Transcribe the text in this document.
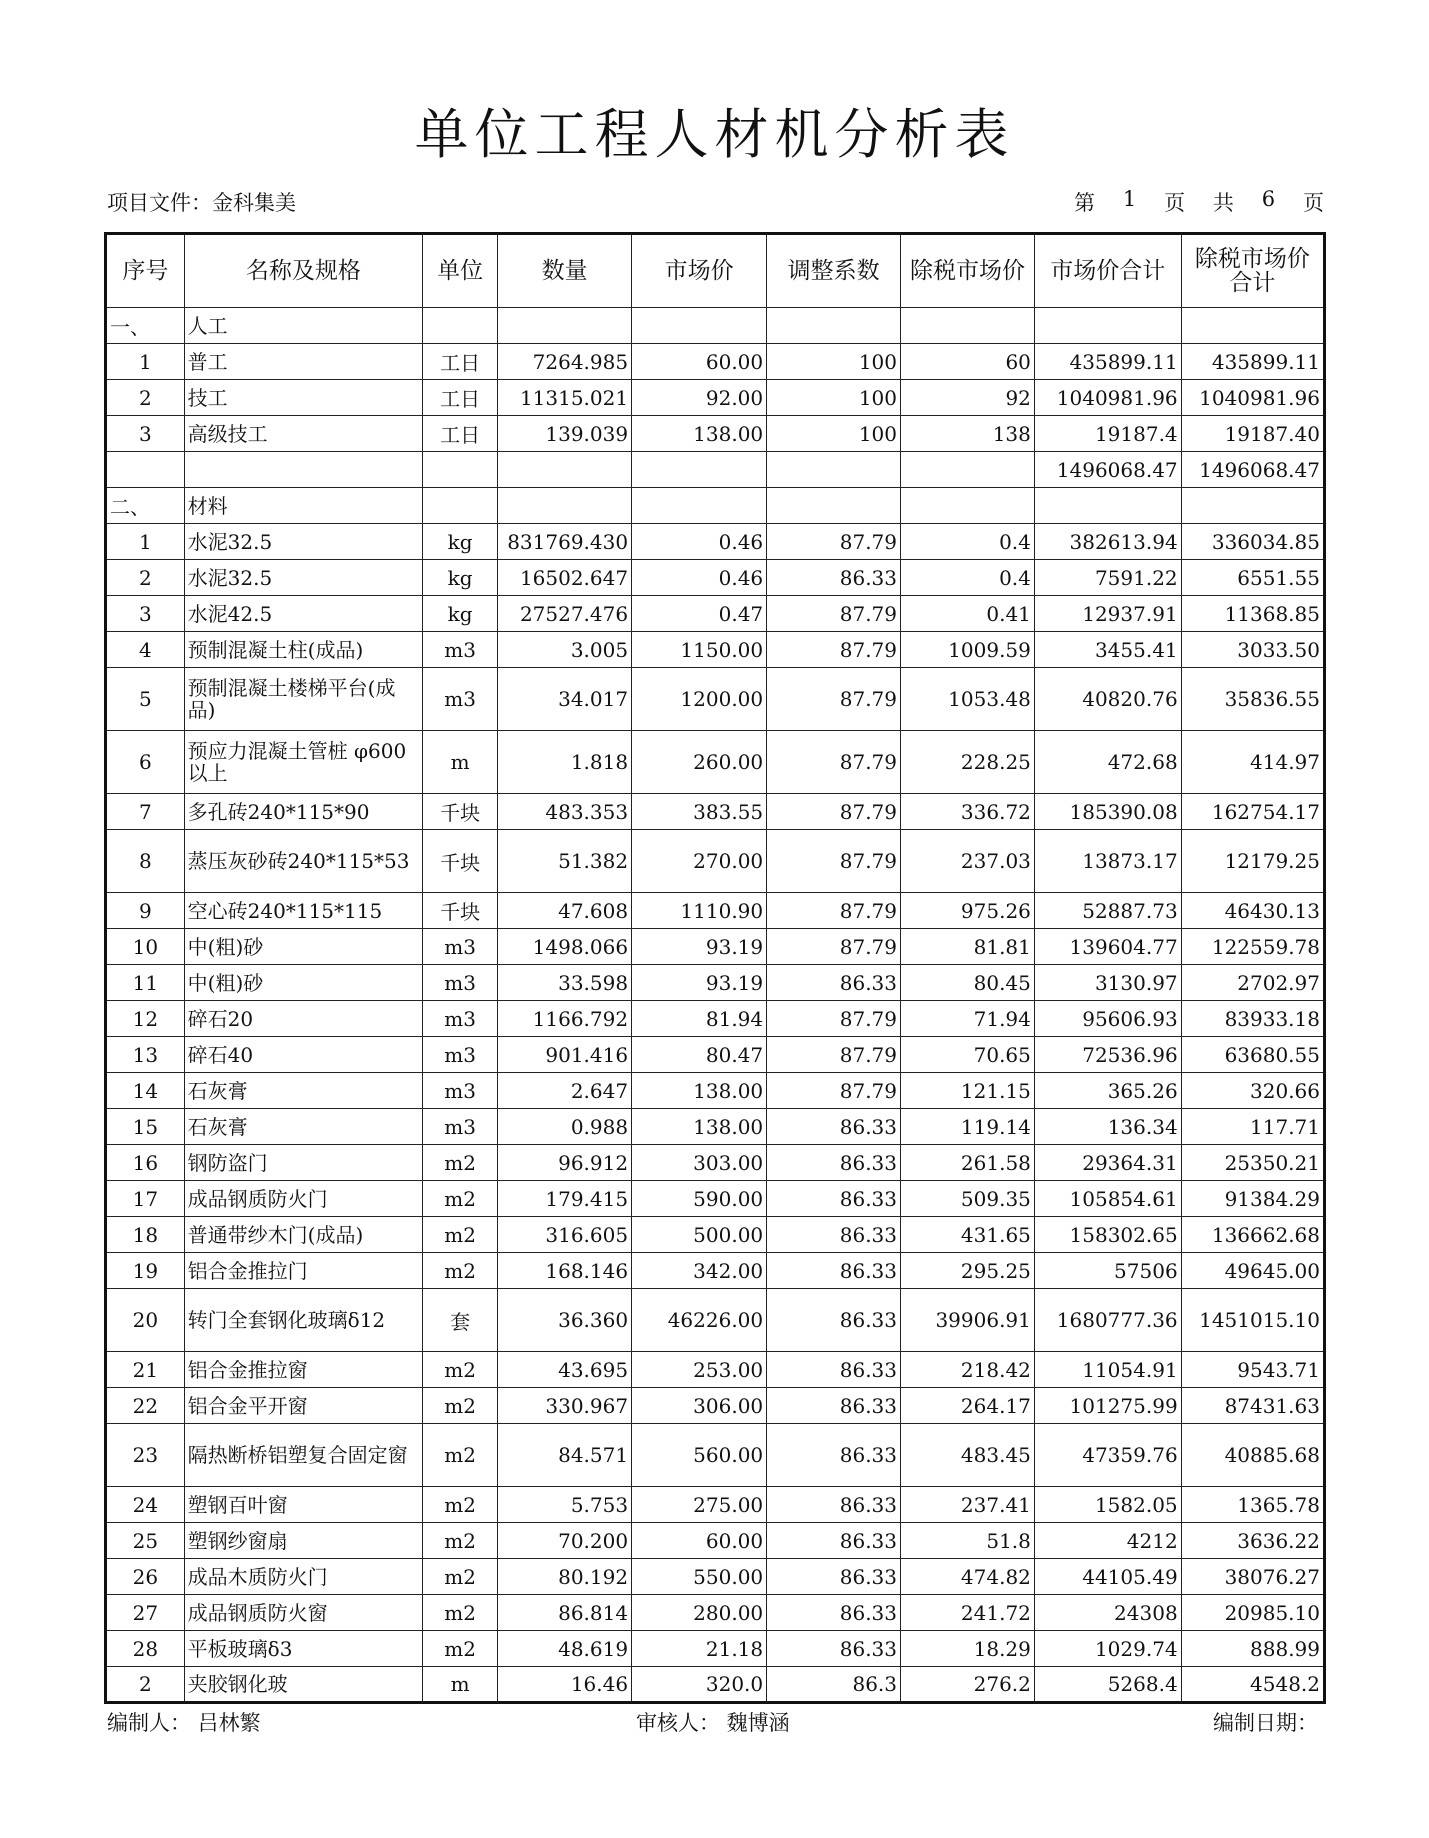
单位工程人材机分析表
项目文件：金科集美	第 1 页 共 6 页
序号	名称及规格	单位	数量	市场价	调整系数	除税市场价	市场价合计	除税市场价合计
一、	人工							
1	普工	工日	7264.985	60.00	100	60	435899.11	435899.11
2	技工	工日	11315.021	92.00	100	92	1040981.96	1040981.96
3	高级技工	工日	139.039	138.00	100	138	19187.4	19187.40
							1496068.47	1496068.47
二、	材料							
1	水泥32.5	kg	831769.430	0.46	87.79	0.4	382613.94	336034.85
2	水泥32.5	kg	16502.647	0.46	86.33	0.4	7591.22	6551.55
3	水泥42.5	kg	27527.476	0.47	87.79	0.41	12937.91	11368.85
4	预制混凝土柱(成品)	m3	3.005	1150.00	87.79	1009.59	3455.41	3033.50
5	预制混凝土楼梯平台(成品)	m3	34.017	1200.00	87.79	1053.48	40820.76	35836.55
6	预应力混凝土管桩 φ600以上	m	1.818	260.00	87.79	228.25	472.68	414.97
7	多孔砖240*115*90	千块	483.353	383.55	87.79	336.72	185390.08	162754.17
8	蒸压灰砂砖240*115*53	千块	51.382	270.00	87.79	237.03	13873.17	12179.25
9	空心砖240*115*115	千块	47.608	1110.90	87.79	975.26	52887.73	46430.13
10	中(粗)砂	m3	1498.066	93.19	87.79	81.81	139604.77	122559.78
11	中(粗)砂	m3	33.598	93.19	86.33	80.45	3130.97	2702.97
12	碎石20	m3	1166.792	81.94	87.79	71.94	95606.93	83933.18
13	碎石40	m3	901.416	80.47	87.79	70.65	72536.96	63680.55
14	石灰膏	m3	2.647	138.00	87.79	121.15	365.26	320.66
15	石灰膏	m3	0.988	138.00	86.33	119.14	136.34	117.71
16	钢防盗门	m2	96.912	303.00	86.33	261.58	29364.31	25350.21
17	成品钢质防火门	m2	179.415	590.00	86.33	509.35	105854.61	91384.29
18	普通带纱木门(成品)	m2	316.605	500.00	86.33	431.65	158302.65	136662.68
19	铝合金推拉门	m2	168.146	342.00	86.33	295.25	57506	49645.00
20	转门全套钢化玻璃δ12	套	36.360	46226.00	86.33	39906.91	1680777.36	1451015.10
21	铝合金推拉窗	m2	43.695	253.00	86.33	218.42	11054.91	9543.71
22	铝合金平开窗	m2	330.967	306.00	86.33	264.17	101275.99	87431.63
23	隔热断桥铝塑复合固定窗	m2	84.571	560.00	86.33	483.45	47359.76	40885.68
24	塑钢百叶窗	m2	5.753	275.00	86.33	237.41	1582.05	1365.78
25	塑钢纱窗扇	m2	70.200	60.00	86.33	51.8	4212	3636.22
26	成品木质防火门	m2	80.192	550.00	86.33	474.82	44105.49	38076.27
27	成品钢质防火窗	m2	86.814	280.00	86.33	241.72	24308	20985.10
28	平板玻璃δ3	m2	48.619	21.18	86.33	18.29	1029.74	888.99
2	夹胶钢化玻	m	16.46	320.0	86.3	276.2	5268.4	4548.2
编制人： 吕林繁	审核人： 魏博涵	编制日期：
